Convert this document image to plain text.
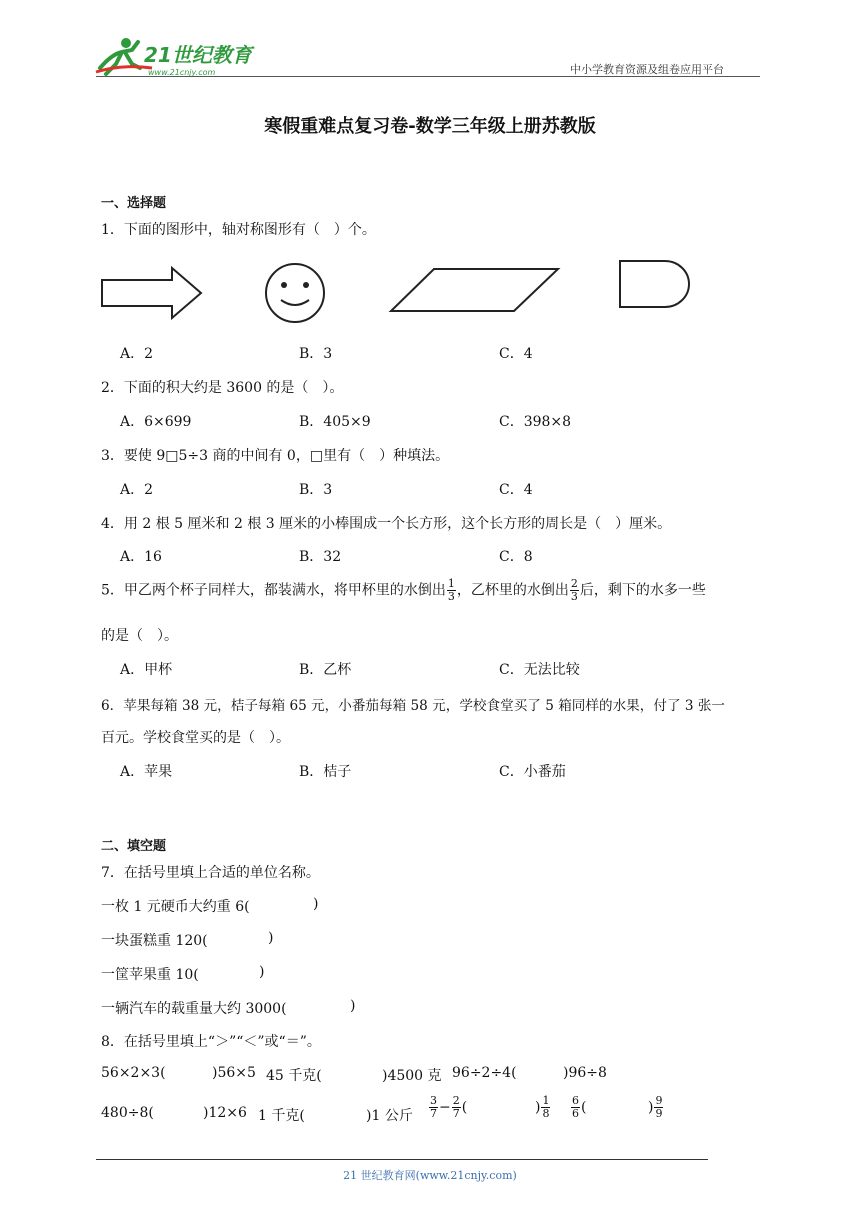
21世纪教育
www.21cnjy.com	中小学教育资源及组卷应用平台
寒假重难点复习卷-数学三年级上册苏教版
一、选择题
1．下面的图形中，轴对称图形有（　）个。
A．2	B．3	C．4
2．下面的积大约是 3600 的是（　）。
A．6×699	B．405×9	C．398×8
3．要使 9□5÷3 商的中间有 0，□里有（　）种填法。
A．2	B．3	C．4
4．用 2 根 5 厘米和 2 根 3 厘米的小棒围成一个长方形，这个长方形的周长是（　）厘米。
A．16	B．32	C．8
5．甲乙两个杯子同样大，都装满水，将甲杯里的水倒出 $\frac{1}{3}$ ，乙杯里的水倒出 $\frac{2}{3}$ 后，剩下的水多一些
的是（　）。
A．甲杯	B．乙杯	C．无法比较
6．苹果每箱 38 元，桔子每箱 65 元，小番茄每箱 58 元，学校食堂买了 5 箱同样的水果，付了 3 张一
百元。学校食堂买的是（　）。
A．苹果	B．桔子	C．小番茄
二、填空题
7．在括号里填上合适的单位名称。
一枚 1 元硬币大约重 6(	)
一块蛋糕重 120(	)
一筐苹果重 10(	)
一辆汽车的载重量大约 3000(	)
8．在括号里填上“＞”“＜”或“＝”。
56×2×3(	)56×5 45 千克(	)4500 克 96÷2÷4(	)96÷8
480÷8(	)12×6 1 千克(	)1 公斤 $\frac{3}{7} - \frac{2}{7}$ (	) $\frac{1}{8} \frac{6}{6}$ (	) $\frac{9}{9}$
21 世纪教育网(www.21cnjy.com)
